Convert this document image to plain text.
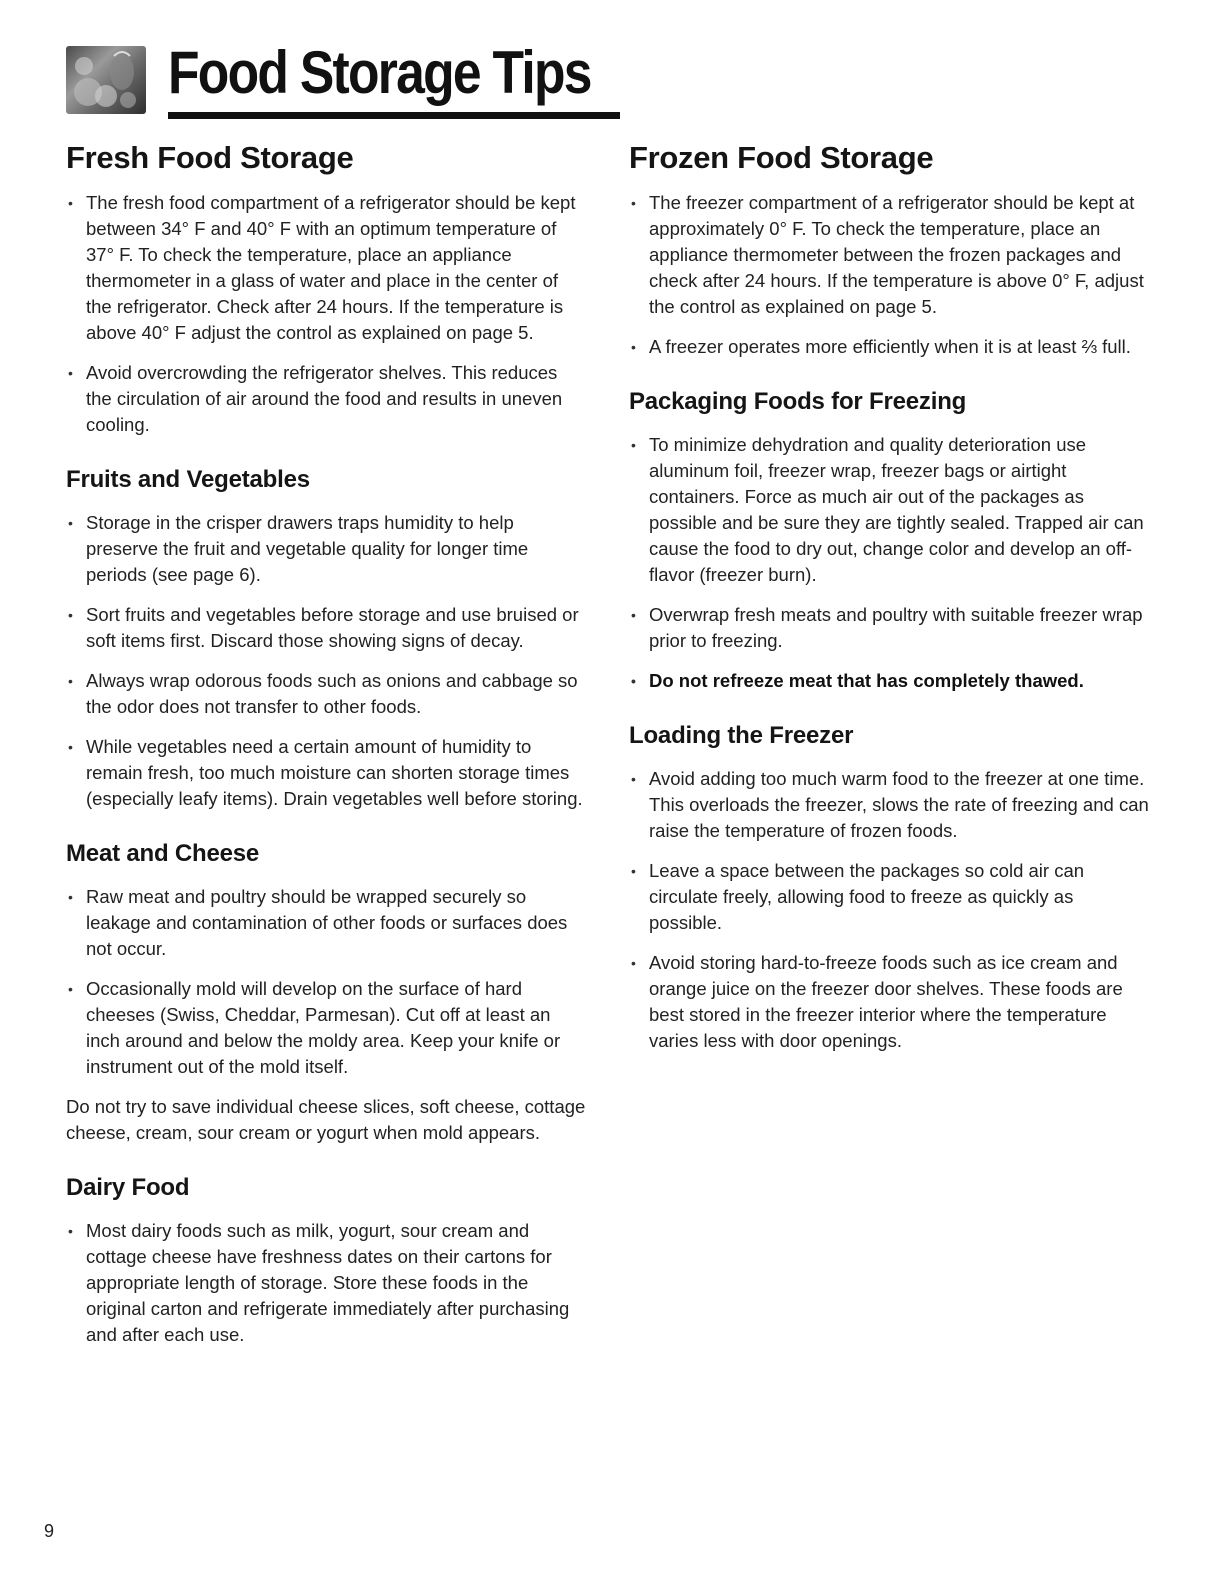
Food Storage Tips
Fresh Food Storage
• The fresh food compartment of a refrigerator should be kept between 34° F and 40° F with an optimum temperature of 37° F. To check the temperature, place an appliance thermometer in a glass of water and place in the center of the refrigerator. Check after 24 hours. If the temperature is above 40° F adjust the control as explained on page 5.
• Avoid overcrowding the refrigerator shelves. This reduces the circulation of air around the food and results in uneven cooling.
Fruits and Vegetables
• Storage in the crisper drawers traps humidity to help preserve the fruit and vegetable quality for longer time periods (see page 6).
• Sort fruits and vegetables before storage and use bruised or soft items first. Discard those showing signs of decay.
• Always wrap odorous foods such as onions and cabbage so the odor does not transfer to other foods.
• While vegetables need a certain amount of humidity to remain fresh, too much moisture can shorten storage times (especially leafy items). Drain vegetables well before storing.
Meat and Cheese
• Raw meat and poultry should be wrapped securely so leakage and contamination of other foods or surfaces does not occur.
• Occasionally mold will develop on the surface of hard cheeses (Swiss, Cheddar, Parmesan). Cut off at least an inch around and below the moldy area. Keep your knife or instrument out of the mold itself.

Do not try to save individual cheese slices, soft cheese, cottage cheese, cream, sour cream or yogurt when mold appears.

Dairy Food
• Most dairy foods such as milk, yogurt, sour cream and cottage cheese have freshness dates on their cartons for appropriate length of storage. Store these foods in the original carton and refrigerate immediately after purchasing and after each use.
Frozen Food Storage
• The freezer compartment of a refrigerator should be kept at approximately 0° F. To check the temperature, place an appliance thermometer between the frozen packages and check after 24 hours. If the temperature is above 0° F, adjust the control as explained on page 5.
• A freezer operates more efficiently when it is at least ⅔ full.
Packaging Foods for Freezing
• To minimize dehydration and quality deterioration use aluminum foil, freezer wrap, freezer bags or airtight containers. Force as much air out of the packages as possible and be sure they are tightly sealed. Trapped air can cause the food to dry out, change color and develop an off-flavor (freezer burn).
• Overwrap fresh meats and poultry with suitable freezer wrap prior to freezing.
• Do not refreeze meat that has completely thawed.
Loading the Freezer
• Avoid adding too much warm food to the freezer at one time. This overloads the freezer, slows the rate of freezing and can raise the temperature of frozen foods.
• Leave a space between the packages so cold air can circulate freely, allowing food to freeze as quickly as possible.
• Avoid storing hard-to-freeze foods such as ice cream and orange juice on the freezer door shelves. These foods are best stored in the freezer interior where the temperature varies less with door openings.
9
